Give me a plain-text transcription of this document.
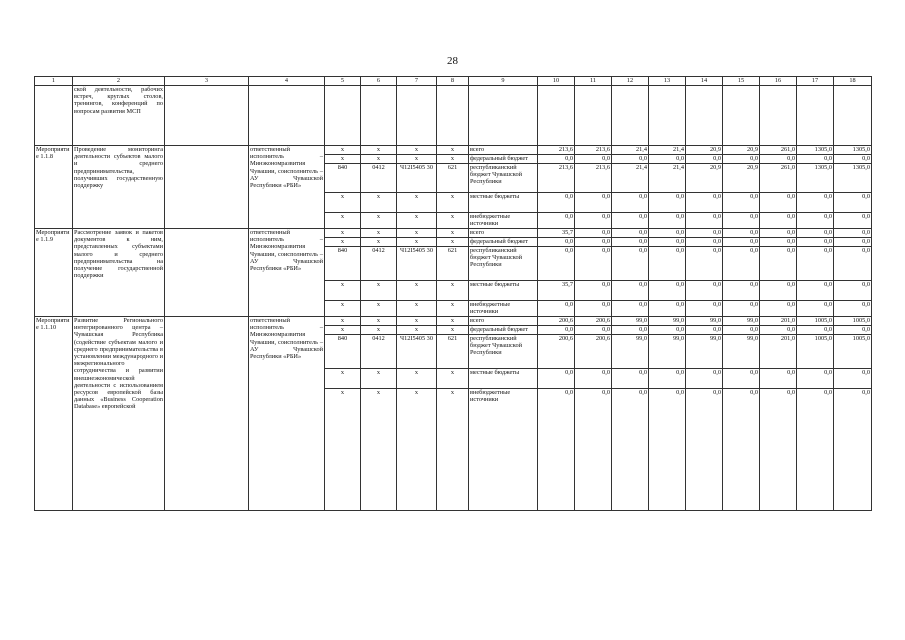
28
1	2	3	4	5	6	7	8	9	10	11	12	13	14	15	16	17	18
	ской деятельности, рабочих встреч, круглых столов, тренингов, конференций по вопросам развития МСП																
Мероприятие 1.1.8	Проведение мониторинга деятельности субъектов малого и среднего предпринимательства, получивших государственную поддержку		ответственный исполнитель – Минэкономразвития Чувашии, соисполнитель – АУ Чувашской Республики «РБИ»	x	x	x	x	всего	213,6	213,6	21,4	21,4	20,9	20,9	261,0	1305,0	1305,0
				x	x	x	x	федеральный бюджет	0,0	0,0	0,0	0,0	0,0	0,0	0,0	0,0	0,0
				840	0412	Ч12I5405 30	621	республиканский бюджет Чувашской Республики	213,6	213,6	21,4	21,4	20,9	20,9	261,0	1305,0	1305,0
				x	x	x	x	местные бюджеты	0,0	0,0	0,0	0,0	0,0	0,0	0,0	0,0	0,0
				x	x	x	x	внебюджетные источники	0,0	0,0	0,0	0,0	0,0	0,0	0,0	0,0	0,0
Мероприятие 1.1.9	Рассмотрение заявок и пакетов документов к ним, представленных субъектами малого и среднего предпринимательства на получение государственной поддержки		ответственный исполнитель – Минэкономразвития Чувашии, соисполнитель – АУ Чувашской Республики «РБИ»	x	x	x	x	всего	35,7	0,0	0,0	0,0	0,0	0,0	0,0	0,0	0,0
				x	x	x	x	федеральный бюджет	0,0	0,0	0,0	0,0	0,0	0,0	0,0	0,0	0,0
				840	0412	Ч12I5405 30	621	республиканский бюджет Чувашской Республики	0,0	0,0	0,0	0,0	0,0	0,0	0,0	0,0	0,0
				x	x	x	x	местные бюджеты	35,7	0,0	0,0	0,0	0,0	0,0	0,0	0,0	0,0
				x	x	x	x	внебюджетные источники	0,0	0,0	0,0	0,0	0,0	0,0	0,0	0,0	0,0
Мероприятие 1.1.10	Развитие Регионального интегрированного центра – Чувашская Республика (содействие субъектам малого и среднего предпринимательства в установлении международного и межрегионального сотрудничества и развитии внешнеэкономической деятельности с использованием ресурсов европейской базы данных «Business Cooperation Database» европейской		ответственный исполнитель – Минэкономразвития Чувашии, соисполнитель – АУ Чувашской Республики «РБИ»	x	x	x	x	всего	200,6	200,6	99,0	99,0	99,0	99,0	201,0	1005,0	1005,0
				x	x	x	x	федеральный бюджет	0,0	0,0	0,0	0,0	0,0	0,0	0,0	0,0	0,0
				840	0412	Ч12I5405 30	621	республиканский бюджет Чувашской Республики	200,6	200,6	99,0	99,0	99,0	99,0	201,0	1005,0	1005,0
				x	x	x	x	местные бюджеты	0,0	0,0	0,0	0,0	0,0	0,0	0,0	0,0	0,0
				x	x	x	x	внебюджетные источники	0,0	0,0	0,0	0,0	0,0	0,0	0,0	0,0	0,0
